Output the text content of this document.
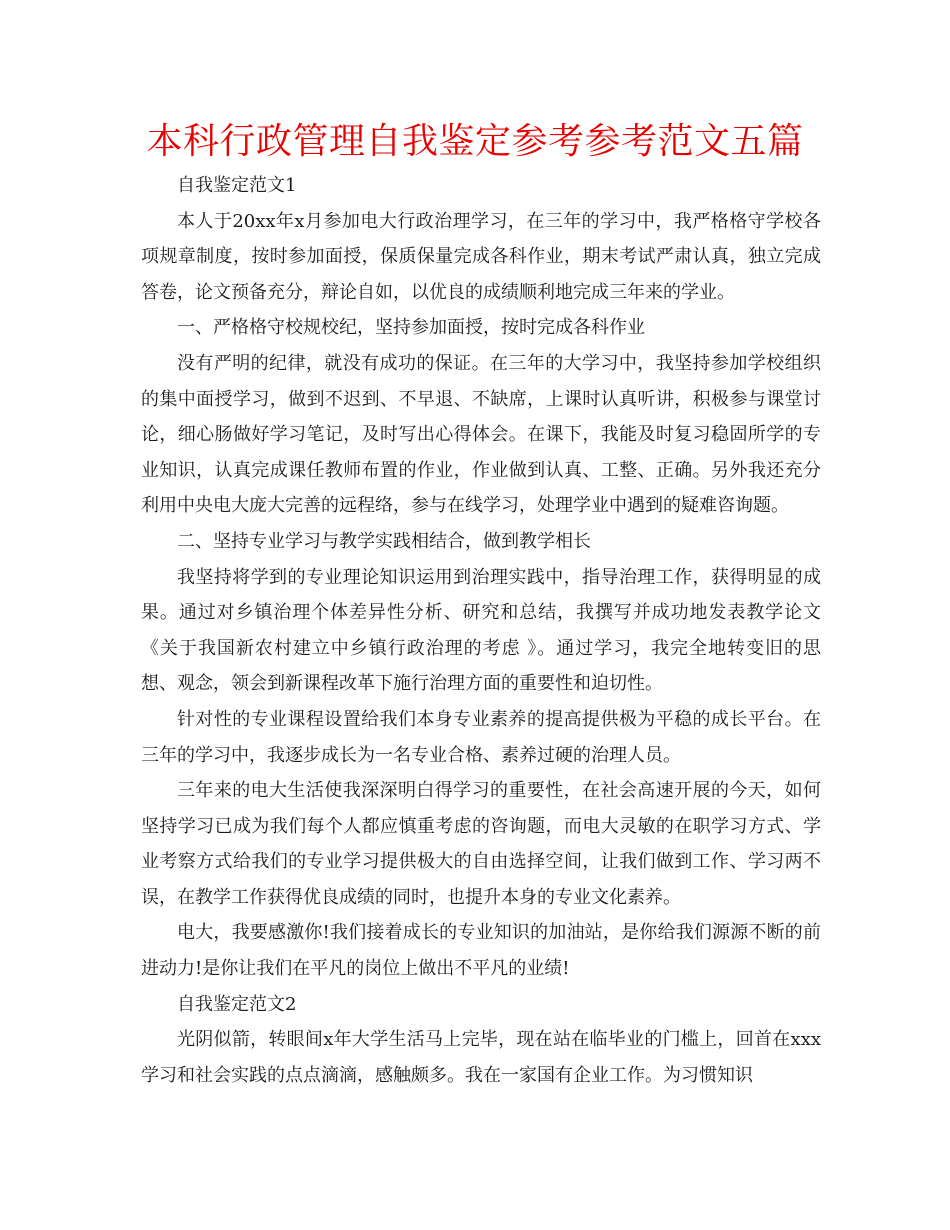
本科行政管理自我鉴定参考参考范文五篇

自我鉴定范文1

本人于20xx年x月参加电大行政治理学习，在三年的学习中，我严格格守学校各项规章制度，按时参加面授，保质保量完成各科作业，期末考试严肃认真，独立完成答卷，论文预备充分，辩论自如，以优良的成绩顺利地完成三年来的学业。

一、严格格守校规校纪，坚持参加面授，按时完成各科作业

没有严明的纪律，就没有成功的保证。在三年的大学习中，我坚持参加学校组织的集中面授学习，做到不迟到、不早退、不缺席，上课时认真听讲，积极参与课堂讨论，细心肠做好学习笔记，及时写出心得体会。在课下，我能及时复习稳固所学的专业知识，认真完成课任教师布置的作业，作业做到认真、工整、正确。另外我还充分利用中央电大庞大完善的远程络，参与在线学习，处理学业中遇到的疑难咨询题。

二、坚持专业学习与教学实践相结合，做到教学相长

我坚持将学到的专业理论知识运用到治理实践中，指导治理工作，获得明显的成果。通过对乡镇治理个体差异性分析、研究和总结，我撰写并成功地发表教学论文《关于我国新农村建立中乡镇行政治理的考虑 》。通过学习，我完全地转变旧的思想、观念，领会到新课程改革下施行治理方面的重要性和迫切性。

针对性的专业课程设置给我们本身专业素养的提高提供极为平稳的成长平台。在三年的学习中，我逐步成长为一名专业合格、素养过硬的治理人员。

三年来的电大生活使我深深明白得学习的重要性，在社会高速开展的今天，如何坚持学习已成为我们每个人都应慎重考虑的咨询题，而电大灵敏的在职学习方式、学业考察方式给我们的专业学习提供极大的自由选择空间，让我们做到工作、学习两不误，在教学工作获得优良成绩的同时，也提升本身的专业文化素养。

电大，我要感激你!我们接着成长的专业知识的加油站，是你给我们源源不断的前进动力!是你让我们在平凡的岗位上做出不平凡的业绩!

自我鉴定范文2

光阴似箭，转眼间x年大学生活马上完毕，现在站在临毕业的门槛上，回首在xxx学习和社会实践的点点滴滴，感触颇多。我在一家国有企业工作。为习惯知识
